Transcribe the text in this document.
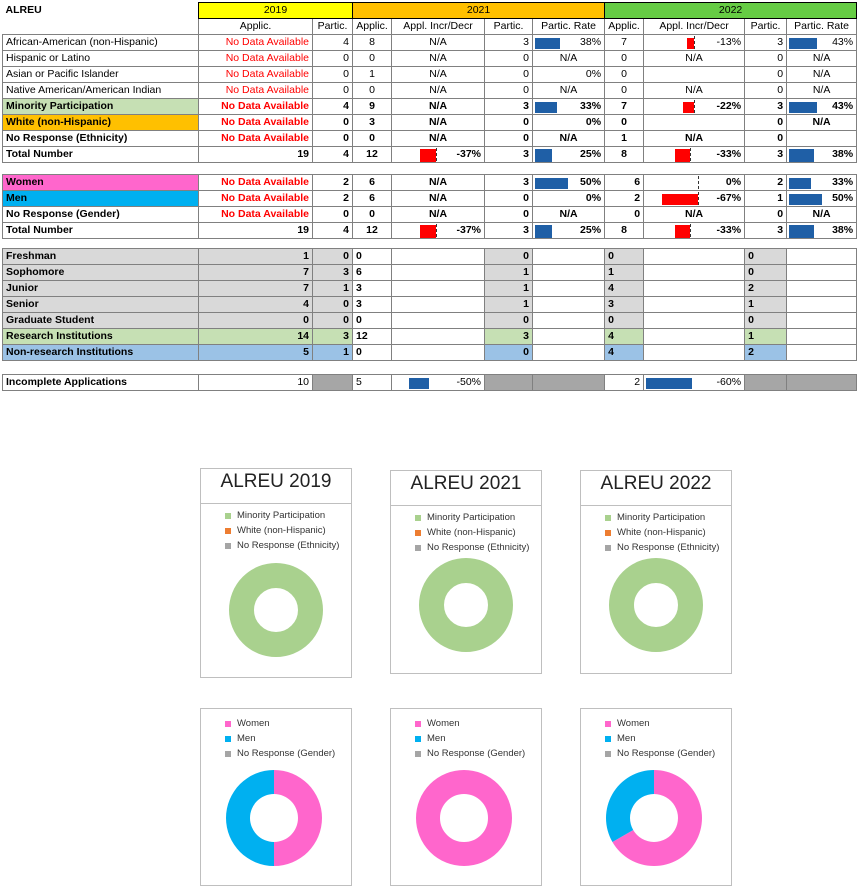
ALREU	2019		2021				2022			
	Applic.	Partic.	Applic.	Appl. Incr/Decr	Partic.	Partic. Rate	Applic.	Appl. Incr/Decr	Partic.	Partic. Rate
African-American (non-Hispanic)	No Data Available	4	8	N/A	3	38%	7	-13%	3	43%
Hispanic or Latino	No Data Available	0	0	N/A	0	N/A	0	N/A	0	N/A
Asian or Pacific Islander	No Data Available	0	1	N/A	0	0%	0		0	N/A
Native American/American Indian	No Data Available	0	0	N/A	0	N/A	0	N/A	0	N/A
Minority Participation	No Data Available	4	9	N/A	3	33%	7	-22%	3	43%
White (non-Hispanic)	No Data Available	0	3	N/A	0	0%	0		0	N/A
No Response (Ethnicity)	No Data Available	0	0	N/A	0	N/A	1	N/A	0	
Total Number	19	4	12	-37%	3	25%	8	-33%	3	38%

Women	No Data Available	2	6	N/A	3	50%	6	0%	2	33%
Men	No Data Available	2	6	N/A	0	0%	2	-67%	1	50%
No Response (Gender)	No Data Available	0	0	N/A	0	N/A	0	N/A	0	N/A
Total Number	19	4	12	-37%	3	25%	8	-33%	3	38%

Freshman	1	0	0		0		0		0	
Sophomore	7	3	6		1		1		0	
Junior	7	1	3		1		4		2	
Senior	4	0	3		1		3		1	
Graduate Student	0	0	0		0		0		0	
Research Institutions	14	3	12		3		4		1	
Non-research Institutions	5	1	0		0		4		2	

Incomplete Applications	10		5	-50%			2	-60%		
ALREU 2019
Minority Participation
White (non-Hispanic)
No Response (Ethnicity)
ALREU 2021
Minority Participation
White (non-Hispanic)
No Response (Ethnicity)
ALREU 2022
Minority Participation
White (non-Hispanic)
No Response (Ethnicity)
Women
Men
No Response (Gender)
Women
Men
No Response (Gender)
Women
Men
No Response (Gender)
